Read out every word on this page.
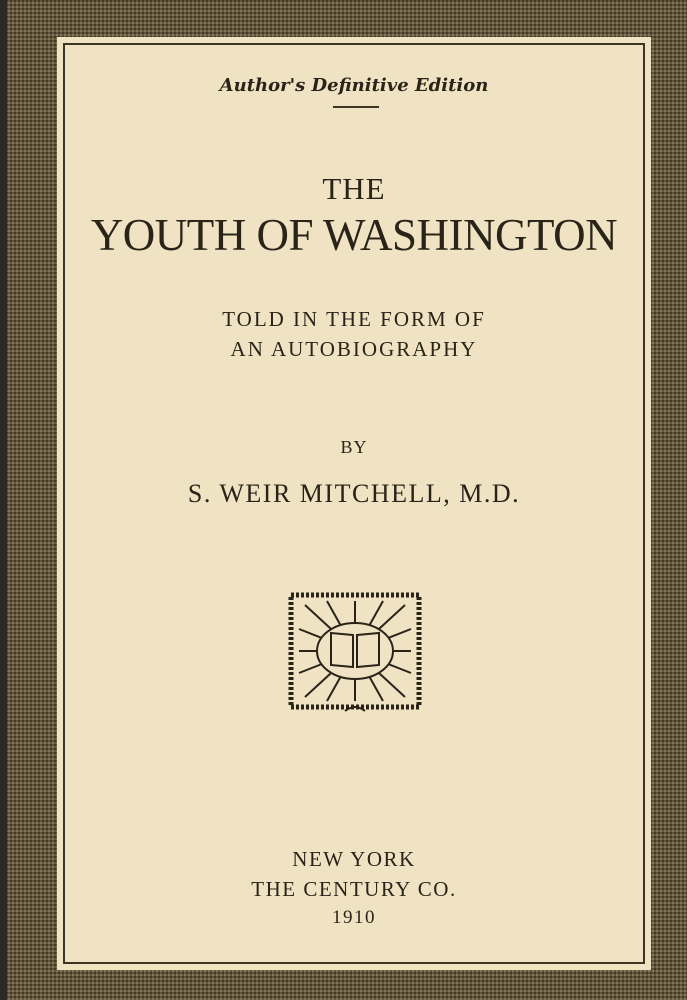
Author's Definitive Edition
THE
YOUTH OF WASHINGTON
TOLD IN THE FORM OF
AN AUTOBIOGRAPHY
BY
S. WEIR MITCHELL, M.D.
NEW YORK
THE CENTURY CO.
1910
